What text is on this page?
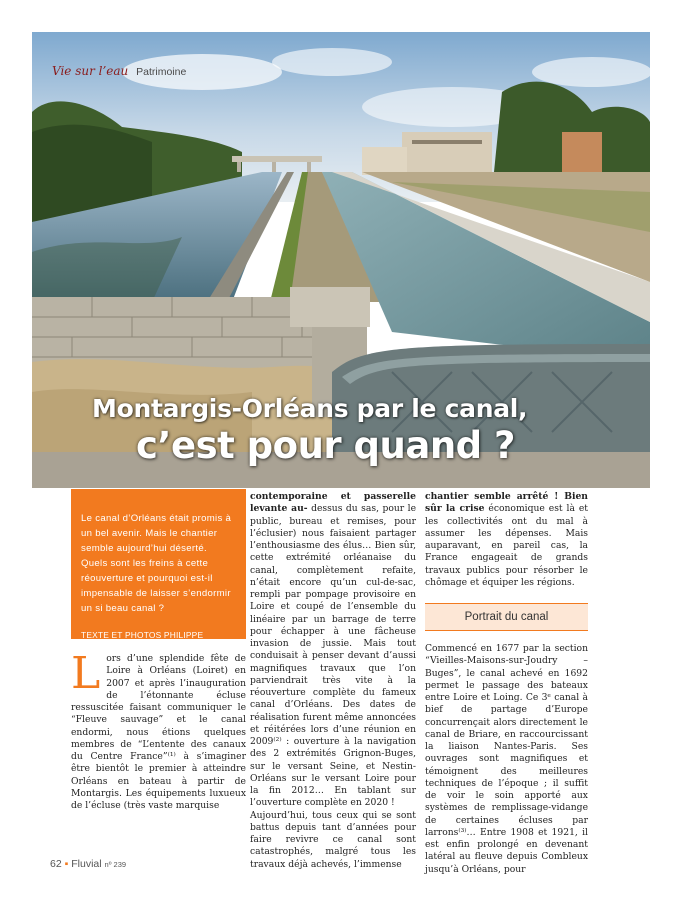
Vie sur l’eau Patrimoine
Montargis-Orléans par le canal,
c’est pour quand ?

Le canal d’Orléans était promis à un bel avenir. Mais le chantier semble aujourd’hui déserté. Quels sont les freins à cette réouverture et pourquoi est-il impensable de laisser s’endormir un si beau canal ?

TEXTE ET PHOTOS PHILIPPE BENARD
L ors d’une splendide fête de Loire à Orléans (Loiret) en 2007 et après l’inauguration de l’étonnante écluse ressuscitée faisant communiquer le “Fleuve sauvage” et le canal endormi, nous étions quelques membres de “L’entente des canaux du Centre France”⁽¹⁾ à s’imaginer être bientôt le premier à atteindre Orléans en bateau à partir de Montargis. Les équipements luxueux de l’écluse (très vaste marquise

contemporaine et passerelle levante au- dessus du sas, pour le public, bureau et remises, pour l’éclusier) nous faisaient partager l’enthousiasme des élus… Bien sûr, cette extrémité orléanaise du canal, complètement refaite, n’était encore qu’un cul-de-sac, rempli par pompage provisoire en Loire et coupé de l’ensemble du linéaire par un barrage de terre pour échapper à une fâcheuse invasion de jussie. Mais tout conduisait à penser devant d’aussi magnifiques travaux que l’on parviendrait très vite à la réouverture complète du fameux canal d’Orléans. Des dates de réalisation furent même annoncées et réitérées lors d’une réunion en 2009⁽²⁾ : ouverture à la navigation des 2 extrémités Grignon-Buges, sur le versant Seine, et Nestin-Orléans sur le versant Loire pour la fin 2012… En tablant sur l’ouverture complète en 2020 !

Aujourd’hui, tous ceux qui se sont battus depuis tant d’années pour faire revivre ce canal sont catastrophés, malgré tous les travaux déjà achevés, l’immense

chantier semble arrêté ! Bien sûr la crise économique est là et les collectivités ont du mal à assumer les dépenses. Mais auparavant, en pareil cas, la France engageait de grands travaux publics pour résorber le chômage et équiper les régions.

Portrait du canal

Commencé en 1677 par la section “Vieilles-Maisons-sur-Joudry – Buges”, le canal achevé en 1692 permet le passage des bateaux entre Loire et Loing. Ce 3ᵉ canal à bief de partage d’Europe concurrençait alors directement le canal de Briare, en raccourcissant la liaison Nantes-Paris. Ses ouvrages sont magnifiques et témoignent des meilleures techniques de l’époque ; il suffit de voir le soin apporté aux systèmes de remplissage-vidange de certaines écluses par larrons⁽³⁾… Entre 1908 et 1921, il est enfin prolongé en devenant latéral au fleuve depuis Combleux jusqu’à Orléans, pour

62 ▪ Fluvial nº 239
